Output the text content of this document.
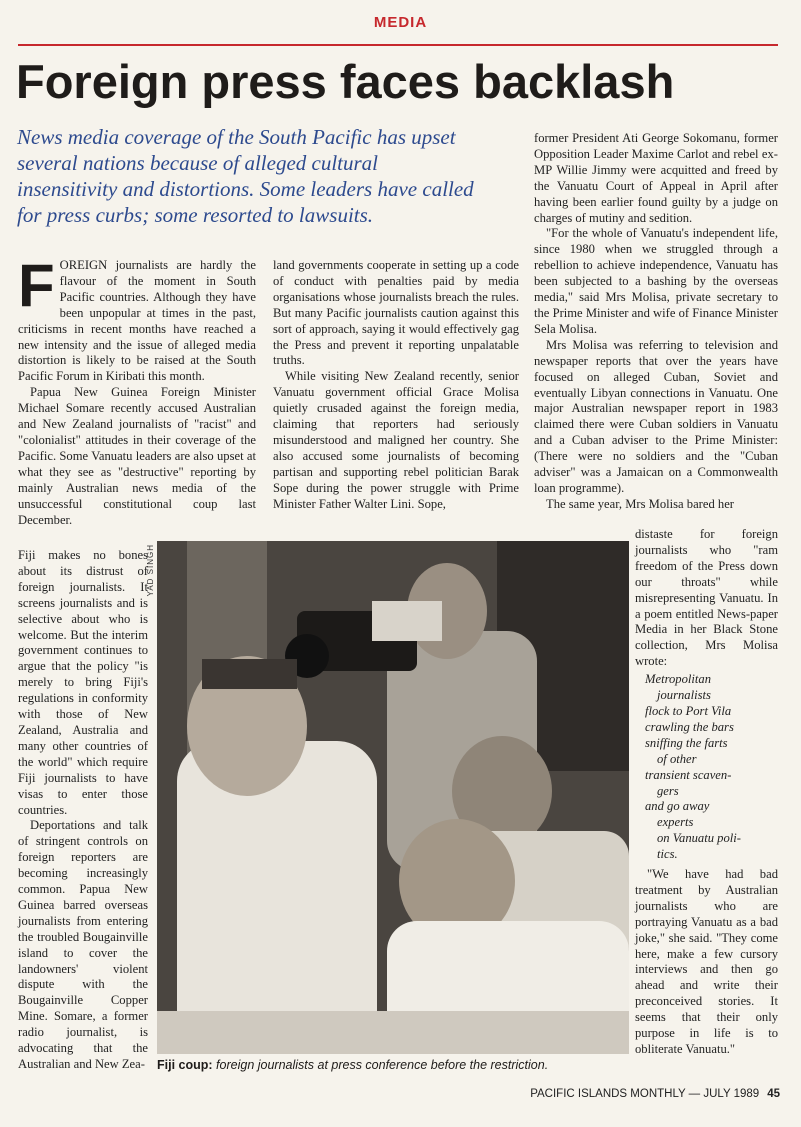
MEDIA
Foreign press faces backlash
News media coverage of the South Pacific has upset several nations because of alleged cultural insensitivity and distortions. Some leaders have called for press curbs; some resorted to lawsuits.

FOREIGN journalists are hardly the flavour of the moment in South Pacific countries. Although they have been unpopular at times in the past, criticisms in recent months have reached a new intensity and the issue of alleged media distortion is likely to be raised at the South Pacific Forum in Kiribati this month.

Papua New Guinea Foreign Minister Michael Somare recently accused Australian and New Zealand journalists of "racist" and "colonialist" attitudes in their coverage of the Pacific. Some Vanuatu leaders are also upset at what they see as "destructive" reporting by mainly Australian news media of the unsuccessful constitutional coup last December.

land governments cooperate in setting up a code of conduct with penalties paid by media organisations whose journalists breach the rules. But many Pacific journalists caution against this sort of approach, saying it would effectively gag the Press and prevent it reporting unpalatable truths.

While visiting New Zealand recently, senior Vanuatu government official Grace Molisa quietly crusaded against the foreign media, claiming that reporters had seriously misunderstood and maligned her country. She also accused some journalists of becoming partisan and supporting rebel politician Barak Sope during the power struggle with Prime Minister Father Walter Lini. Sope,

former President Ati George Sokomanu, former Opposition Leader Maxime Carlot and rebel ex-MP Willie Jimmy were acquitted and freed by the Vanuatu Court of Appeal in April after having been earlier found guilty by a judge on charges of mutiny and sedition.

"For the whole of Vanuatu's independent life, since 1980 when we struggled through a rebellion to achieve independence, Vanuatu has been subjected to a bashing by the overseas media," said Mrs Molisa, private secretary to the Prime Minister and wife of Finance Minister Sela Molisa.

Mrs Molisa was referring to television and newspaper reports that over the years have focused on alleged Cuban, Soviet and eventually Libyan connections in Vanuatu. One major Australian newspaper report in 1983 claimed there were Cuban soldiers in Vanuatu and a Cuban adviser to the Prime Minister: (There were no soldiers and the "Cuban adviser" was a Jamaican on a Commonwealth loan programme).

The same year, Mrs Molisa bared her

Fiji makes no bones about its distrust of foreign journalists. It screens journalists and is selective about who is welcome. But the interim government continues to argue that the policy "is merely to bring Fiji's regulations in conformity with those of New Zealand, Australia and many other countries of the world" which require Fiji journalists to have visas to enter those countries.

Deportations and talk of stringent controls on foreign reporters are becoming increasingly common. Papua New Guinea barred overseas journalists from entering the troubled Bougainville island to cover the landowners' violent dispute with the Bougainville Copper Mine. Somare, a former radio journalist, is advocating that the Australian and New Zea-

distaste for foreign journalists who "ram freedom of the Press down our throats" while misrepresenting Vanuatu. In a poem entitled News-paper Media in her Black Stone collection, Mrs Molisa wrote:

Metropolitan
journalists
flock to Port Vila
crawling the bars
sniffing the farts
of other
transient scaven-
gers
and go away
experts
on Vanuatu poli-
tics.

"We have had bad treatment by Australian journalists who are portraying Vanuatu as a bad joke," she said. "They come here, make a few cursory interviews and then go ahead and write their preconceived stories. It seems that their only purpose in life is to obliterate Vanuatu."

YAD SINGH
Fiji coup: foreign journalists at press conference before the restriction.
PACIFIC ISLANDS MONTHLY — JULY 1989 45
